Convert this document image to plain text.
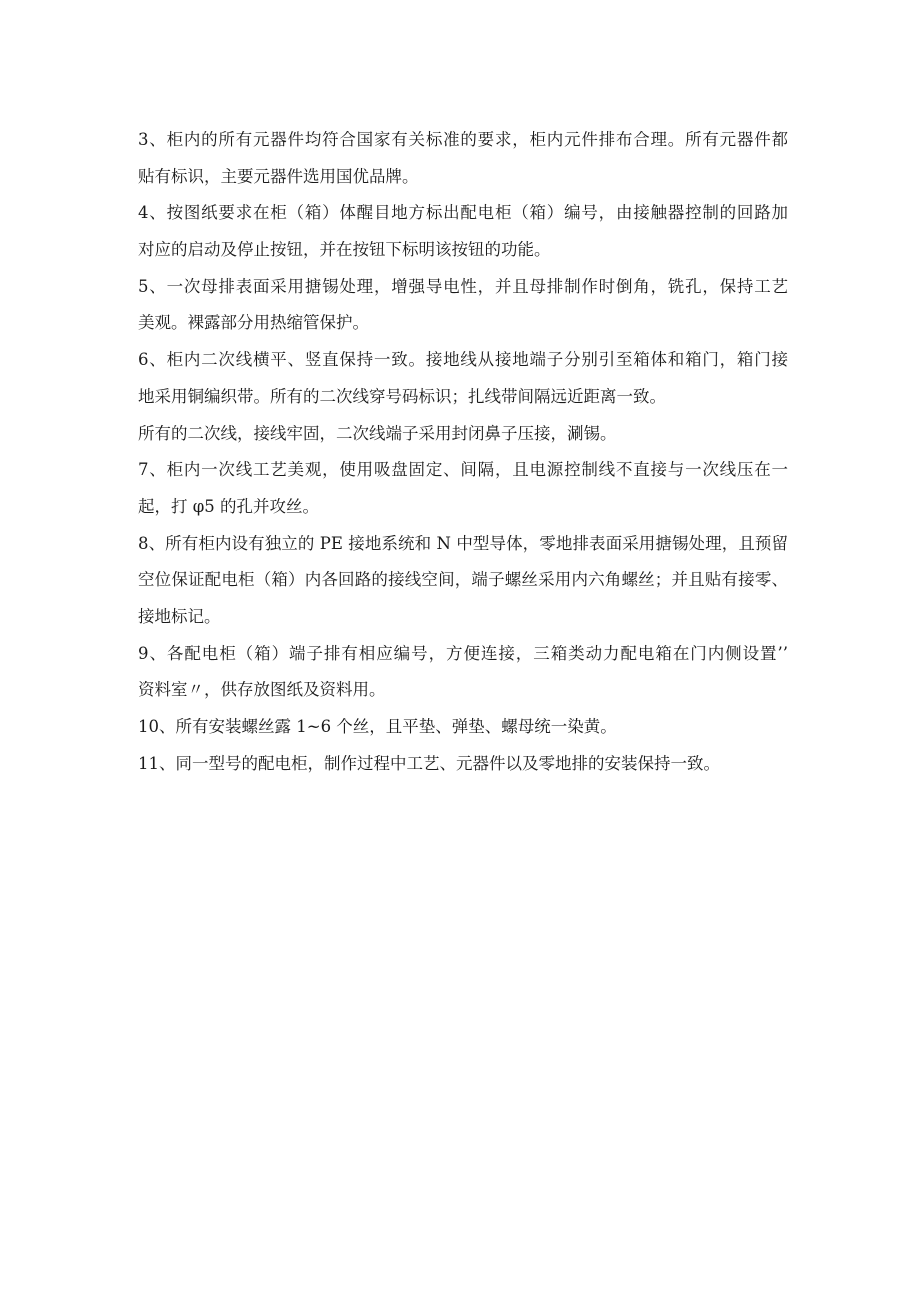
3、柜内的所有元器件均符合国家有关标准的要求，柜内元件排布合理。所有元器件都
贴有标识，主要元器件选用国优品牌。
4、按图纸要求在柜（箱）体醒目地方标出配电柜（箱）编号，由接触器控制的回路加
对应的启动及停止按钮，并在按钮下标明该按钮的功能。
5、一次母排表面采用搪锡处理，增强导电性，并且母排制作时倒角，铣孔，保持工艺
美观。裸露部分用热缩管保护。
6、柜内二次线横平、竖直保持一致。接地线从接地端子分别引至箱体和箱门，箱门接
地采用铜编织带。所有的二次线穿号码标识；扎线带间隔远近距离一致。
所有的二次线，接线牢固，二次线端子采用封闭鼻子压接，涮锡。
7、柜内一次线工艺美观，使用吸盘固定、间隔，且电源控制线不直接与一次线压在一
起，打 φ5 的孔并攻丝。
8、所有柜内设有独立的 PE 接地系统和 N 中型导体，零地排表面采用搪锡处理，且预留
空位保证配电柜（箱）内各回路的接线空间，端子螺丝采用内六角螺丝；并且贴有接零、
接地标记。
9、各配电柜（箱）端子排有相应编号，方便连接，三箱类动力配电箱在门内侧设置’’
资料室〃，供存放图纸及资料用。
10、所有安装螺丝露 1~6 个丝，且平垫、弹垫、螺母统一染黄。
11、同一型号的配电柜，制作过程中工艺、元器件以及零地排的安装保持一致。
